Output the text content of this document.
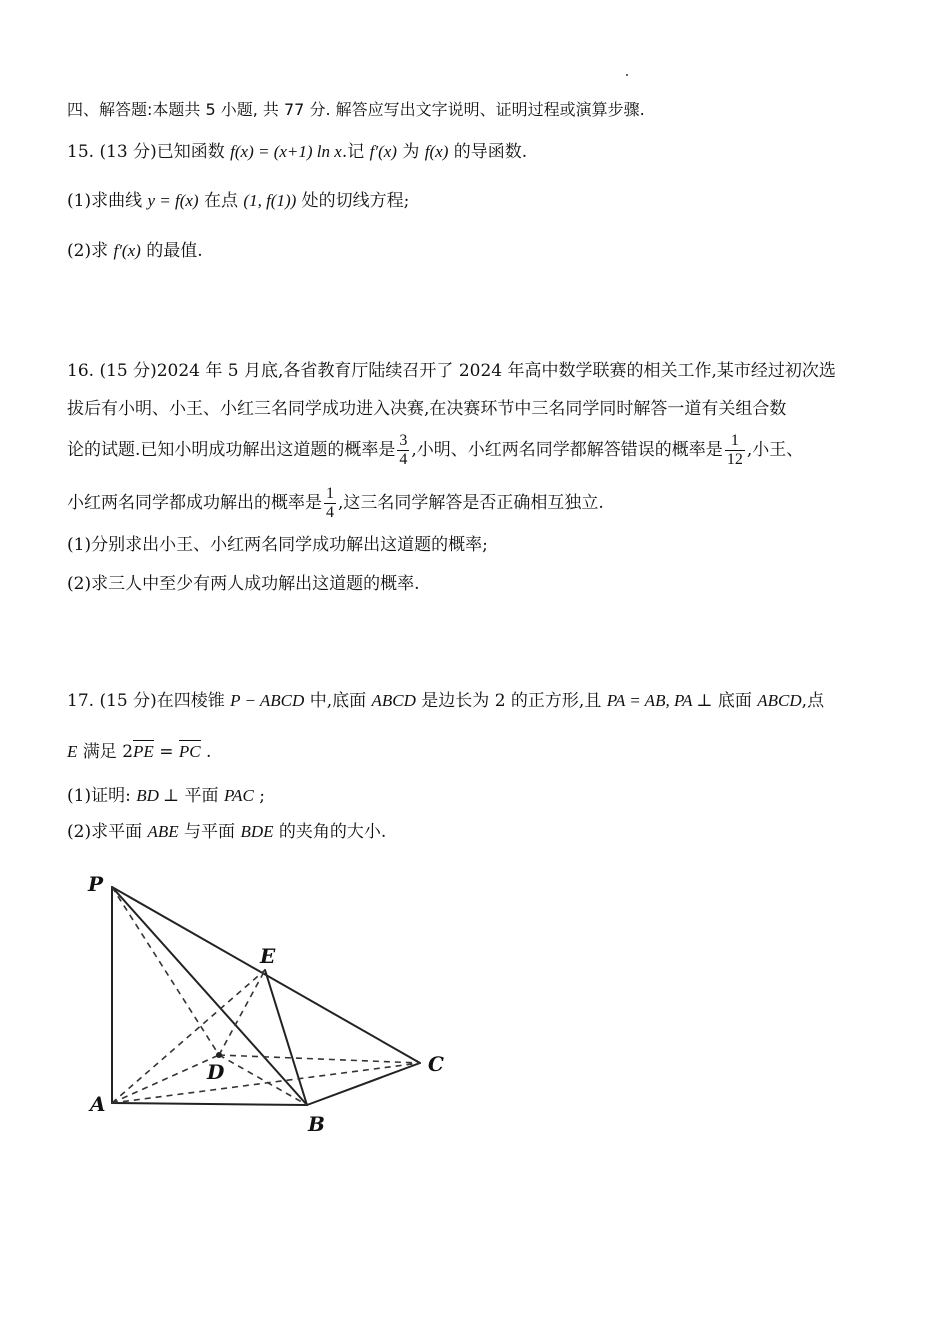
四、解答题:本题共 5 小题, 共 77 分. 解答应写出文字说明、证明过程或演算步骤.
15. (13 分)已知函数 f(x) = (x+1) ln x.记 f′(x) 为 f(x) 的导函数.
(1)求曲线 y = f(x) 在点 (1, f(1)) 处的切线方程;
(2)求 f′(x) 的最值.
16. (15 分)2024 年 5 月底,各省教育厅陆续召开了 2024 年高中数学联赛的相关工作,某市经过初次选
拔后有小明、小王、小红三名同学成功进入决赛,在决赛环节中三名同学同时解答一道有关组合数
论的试题.已知小明成功解出这道题的概率是 $\frac{3}{4}$ ,小明、小红两名同学都解答错误的概率是 $\frac{1}{12}$ ,小王、
小红两名同学都成功解出的概率是 $\frac{1}{4}$ ,这三名同学解答是否正确相互独立.
(1)分别求出小王、小红两名同学成功解出这道题的概率;
(2)求三人中至少有两人成功解出这道题的概率.
17. (15 分)在四棱锥 P − ABCD 中,底面 ABCD 是边长为 2 的正方形,且 PA = AB, PA ⊥ 底面 ABCD,点
E 满足 2PE = PC .
(1)证明: BD ⊥ 平面 PAC ;
(2)求平面 ABE 与平面 BDE 的夹角的大小.
P
E
D	C
A
B
